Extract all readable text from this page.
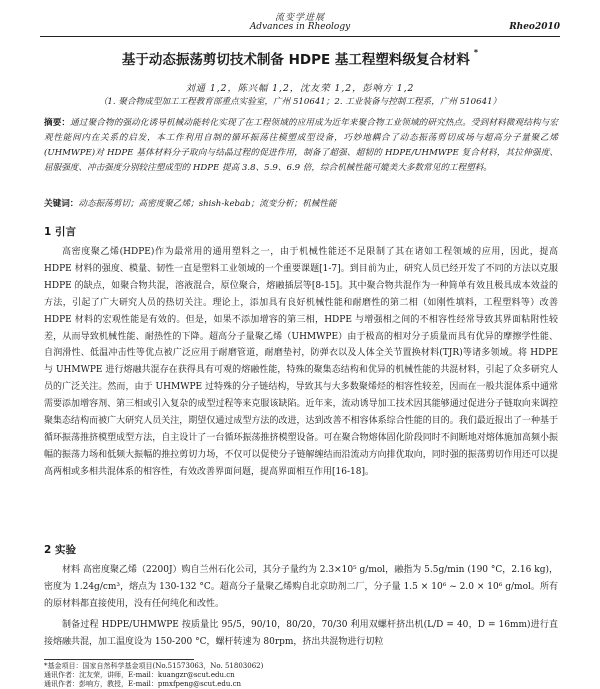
流变学进展
Advances in Rheology	Rheo2010
基于动态振荡剪切技术制备 HDPE 基工程塑料级复合材料 *
刘通 1,2，陈兴幅 1,2，沈友荣 1,2，彭响方 1,2
（1. 聚合物成型加工工程教育部重点实验室，广州 510641；2. 工业装备与控制工程系，广州 510641）
摘要：通过聚合物的强动化诱导机械动能转化实现了在工程领域的应用成为近年来聚合物工业领域的研究热点。受到材料微观结构与宏观性能间内在关系的启发，本工作利用自制的循环振荡往模塑成型设备，巧妙地耦合了动态振荡剪切成场与超高分子量聚乙烯(UHMWPE)对 HDPE 基体材料分子取向与结晶过程的促进作用，制备了超强、超韧的 HDPE/UHMWPE 复合材料，其拉伸强度、屈服强度、冲击强度分别较注塑成型的 HDPE 提高 3.8、5.9、6.9 倍，综合机械性能可媲美大多数常见的工程塑料。
关键词：动态振荡剪切；高密度聚乙烯；shish-kebab；流变分析；机械性能
1 引言
高密度聚乙烯(HDPE)作为最常用的通用塑料之一，由于机械性能还不足限制了其在诸如工程领域的应用，因此，提高 HDPE 材料的强度、模量、韧性一直是塑料工业领域的一个重要课题[1-7]。到目前为止，研究人员已经开发了不同的方法以克服 HDPE 的缺点，如聚合物共混，溶液混合，原位聚合，熔融插层等[8-15]。其中聚合物共混作为一种简单有效且极具成本效益的方法，引起了广大研究人员的热切关注。理论上，添加具有良好机械性能和耐磨性的第二相（如刚性填料，工程塑料等）改善 HDPE 材料的宏观性能是有效的。但是，如果不添加增容的第三相，HDPE 与增强相之间的不相容性经常导致其界面粘附性较差，从而导致机械性能、耐热性的下降。超高分子量聚乙烯（UHMWPE）由于极高的相对分子质量而具有优异的摩擦学性能、自润滑性、低温冲击性等优点被广泛应用于耐磨管道，耐磨垫衬，防弹衣以及人体全关节置换材料(TJR)等诸多领域。将 HDPE 与 UHMWPE 进行熔融共混存在获得具有可观的熔融性能，特殊的聚集态结构和优异的机械性能的共混材料，引起了众多研究人员的广泛关注。然而，由于 UHMWPE 过特殊的分子链结构，导致其与大多数聚烯烃的相容性较差，因而在一般共混体系中通常需要添加增容剂、第三相或引入复杂的成型过程等来克服该缺陷。近年来，流动诱导加工技术因其能够通过促进分子链取向来调控聚集态结构而被广大研究人员关注，期望仅通过成型方法的改进，达到改善不相容体系综合性能的目的。我们最近报出了一种基于循环振荡推挤模塑成型方法，自主设计了一台循环振荡推挤模塑设备。可在聚合物熔体固化阶段同时不间断地对熔体施加高频小振幅的振荡力场和低频大振幅的推拉剪切力场，不仅可以促使分子链解缠结而沿流动方向排优取向，同时强的振荡剪切作用还可以提高两相或多相共混体系的相容性，有效改善界面问题，提高界面相互作用[16-18]。
2 实验
材料 高密度聚乙烯（2200J）购自兰州石化公司，其分子量约为 2.3×10⁵ g/mol，融指为 5.5g/min (190 °C，2.16 kg)，密度为 1.24g/cm³，熔点为 130-132 °C。超高分子量聚乙烯购自北京助剂二厂，分子量 1.5 × 10⁶ ~ 2.0 × 10⁶ g/mol。所有的原材料都直接使用，没有任何纯化和改性。
制备过程 HDPE/UHMWPE 按质量比 95/5，90/10，80/20，70/30 利用双螺杆挤出机(L/D = 40，D = 16mm)进行直接熔融共混，加工温度设为 150-200 °C，螺杆转速为 80rpm，挤出共混物进行切粒
*基金项目：国家自然科学基金项目(No.51573063，No. 51803062)
通讯作者：沈友荣，讲师，E-mail：kuangzr@scut.edu.cn
通讯作者：彭响方，教授，E-mail：pmxfpeng@scut.edu.cn
